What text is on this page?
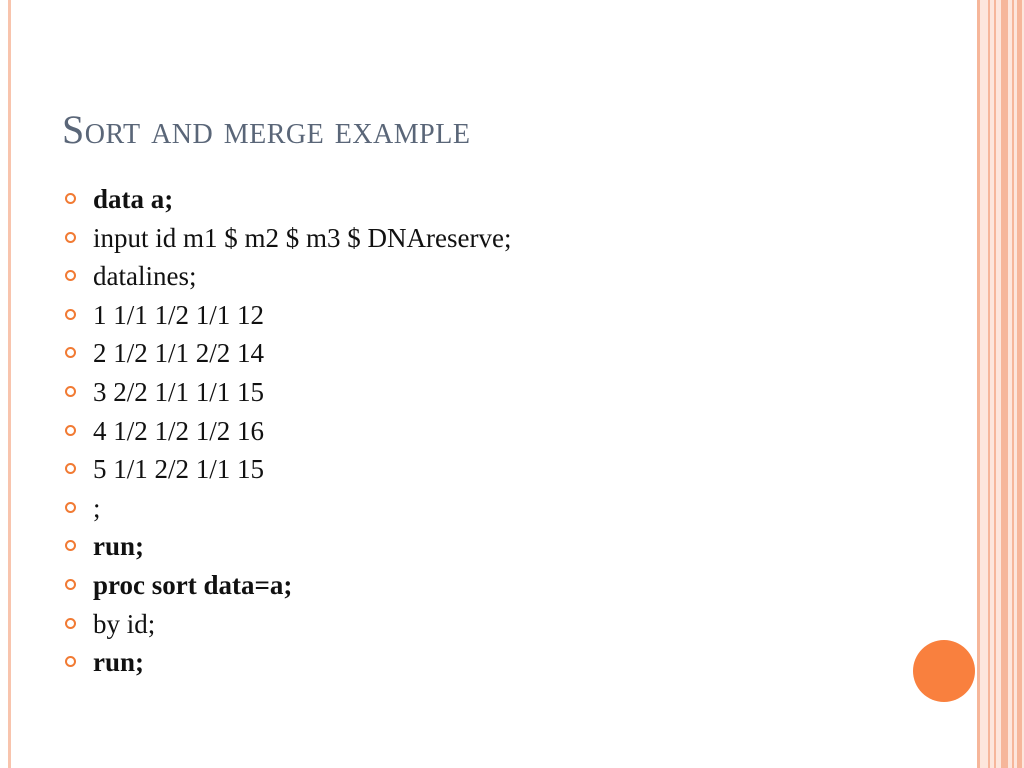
Sort and merge example
data a;
input id m1 $ m2 $ m3 $ DNAreserve;
datalines;
1 1/1 1/2 1/1 12
2 1/2 1/1 2/2 14
3 2/2 1/1 1/1 15
4 1/2 1/2 1/2 16
5 1/1 2/2 1/1 15
;
run;
proc sort data=a;
by id;
run;
